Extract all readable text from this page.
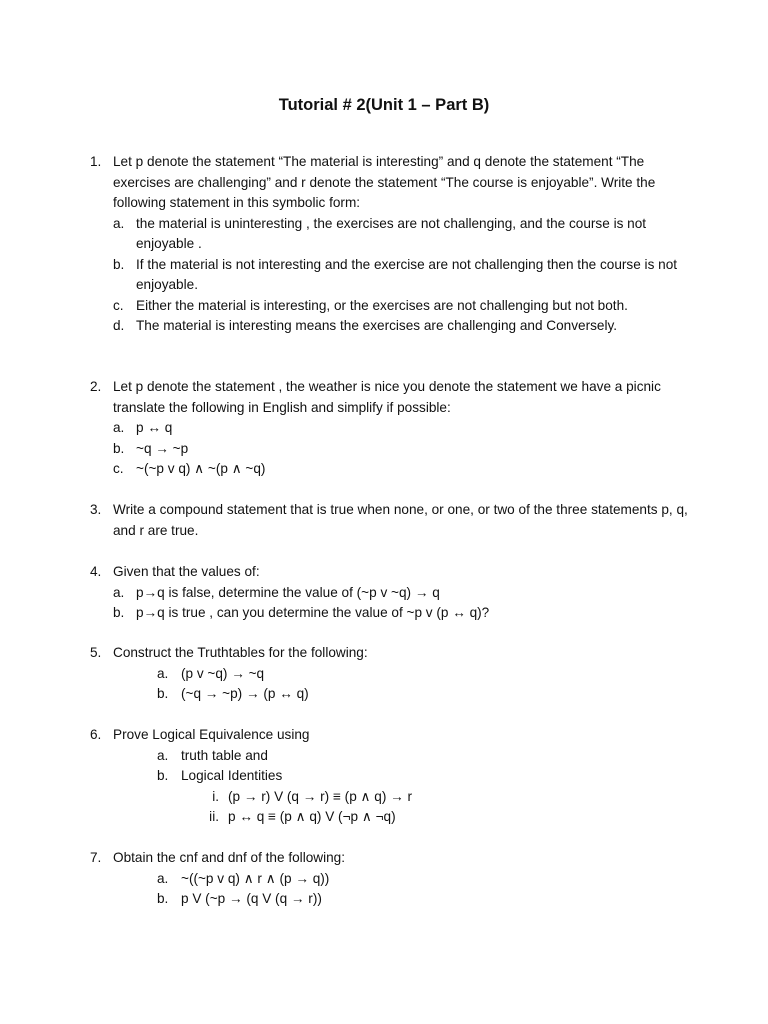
Tutorial # 2(Unit 1 – Part B)
1. Let p denote the statement “The material is interesting” and q denote the statement “The exercises are challenging” and r denote the statement “The course is enjoyable”. Write the following statement in this symbolic form:
a. the material is uninteresting , the exercises are not challenging, and the course is not enjoyable .
b. If the material is not interesting and the exercise are not challenging then the course is not enjoyable.
c. Either the material is interesting, or the exercises are not challenging but not both.
d. The material is interesting means the exercises are challenging and Conversely.
2. Let p denote the statement , the weather is nice you denote the statement we have a picnic translate the following in English and simplify if possible:
a. p ↔ q
b. ~q → ~p
c. ~(~p v q) ∧ ~(p ∧ ~q)
3. Write a compound statement that is true when none, or one, or two of the three statements p, q, and r are true.
4. Given that the values of:
a. p→q is false, determine the value of (~p v ~q) → q
b. p→q is true , can you determine the value of ~p v (p ↔ q)?
5. Construct the Truthtables for the following:
a. (p v ~q) → ~q
b. (~q → ~p) → (p ↔ q)
6. Prove Logical Equivalence using
a. truth table and
b. Logical Identities
i. (p → r) V (q → r) ≡ (p ∧ q) → r
ii. p ↔ q ≡ (p ∧ q) V (¬p ∧ ¬q)
7. Obtain the cnf and dnf of the following:
a. ~((~p v q) ∧ r ∧ (p → q))
b. p V (~p → (q V (q → r))
